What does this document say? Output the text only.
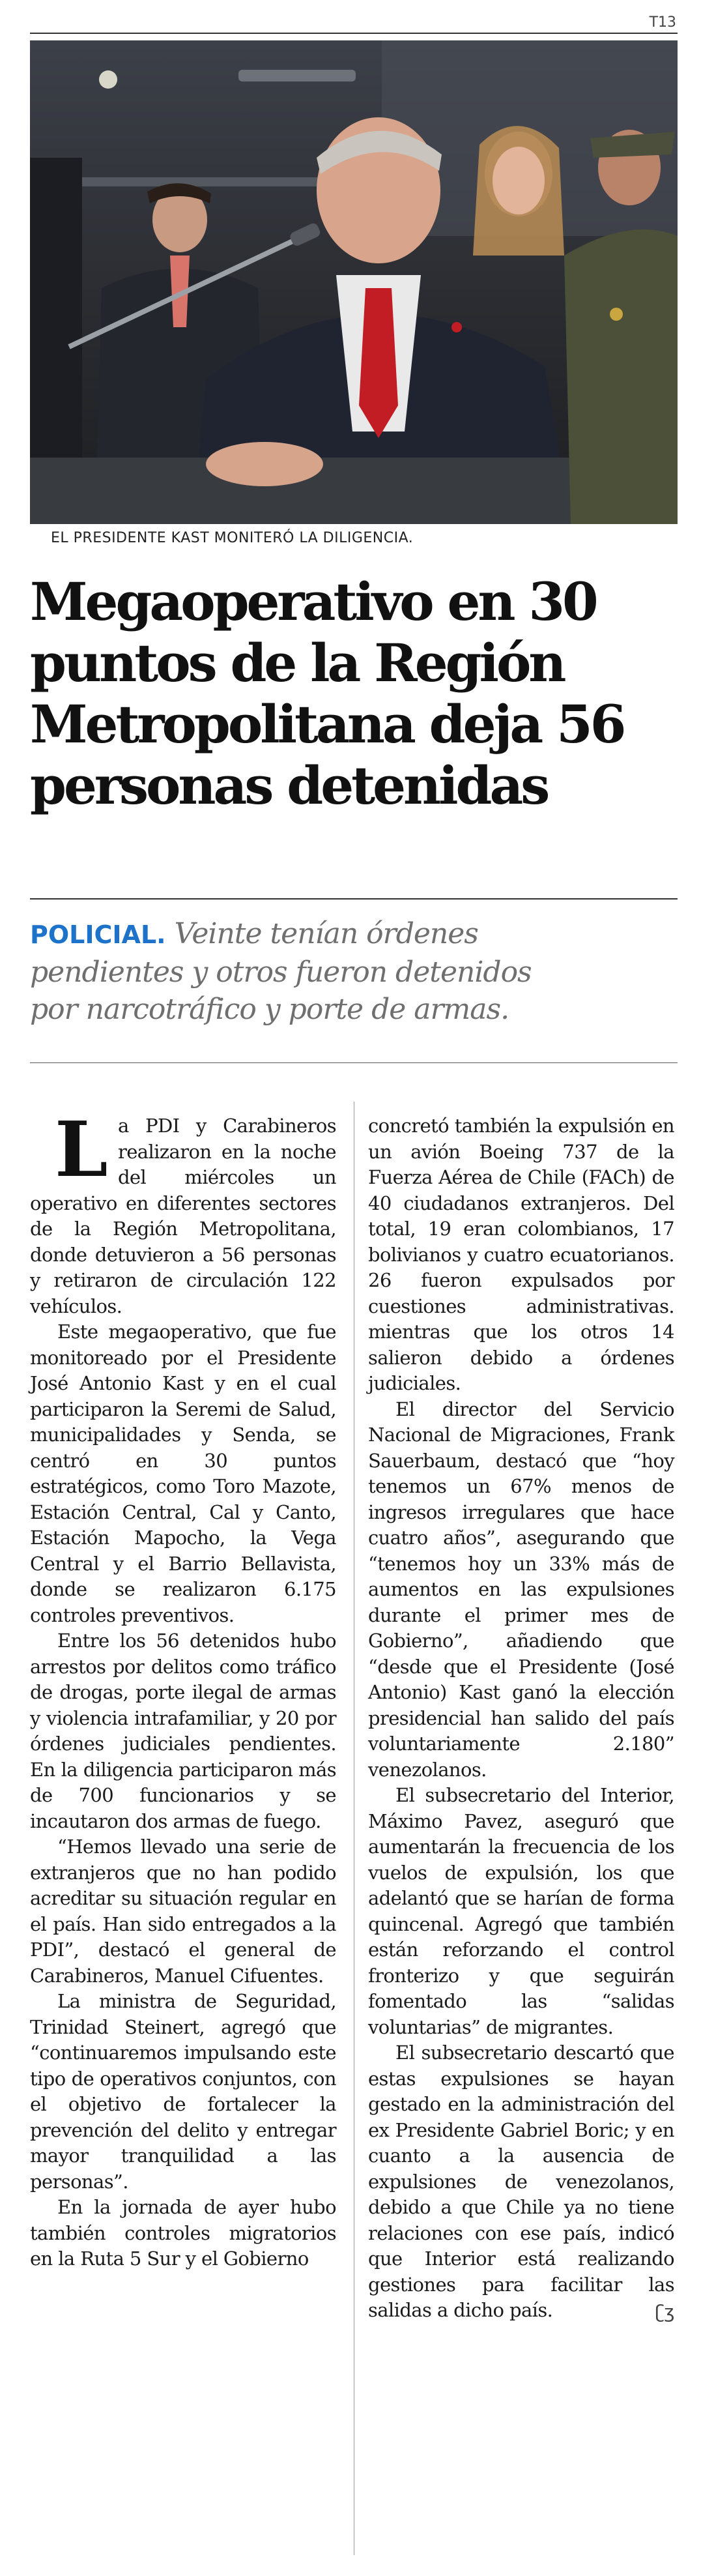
T13
EL PRESIDENTE KAST MONITERÓ LA DILIGENCIA.
Megaoperativo en 30
puntos de la Región
Metropolitana deja 56
personas detenidas
POLICIAL. Veinte tenían órdenes
pendientes y otros fueron detenidos
por narcotráfico y porte de armas.

La PDI y Carabineros realizaron en la noche del miércoles un operativo en diferentes sectores de la Región Metropolitana, donde detuvieron a 56 personas y retiraron de circulación 122 vehículos.

Este megaoperativo, que fue monitoreado por el Presidente José Antonio Kast y en el cual participaron la Seremi de Salud, municipalidades y Senda, se centró en 30 puntos estratégicos, como Toro Mazote, Estación Central, Cal y Canto, Estación Mapocho, la Vega Central y el Barrio Bellavista, donde se realizaron 6.175 controles preventivos.

Entre los 56 detenidos hubo arrestos por delitos como tráfico de drogas, porte ilegal de armas y violencia intrafamiliar, y 20 por órdenes judiciales pendientes. En la diligencia participaron más de 700 funcionarios y se incautaron dos armas de fuego.

“Hemos llevado una serie de extranjeros que no han podido acreditar su situación regular en el país. Han sido entregados a la PDI”, destacó el general de Carabineros, Manuel Cifuentes.

La ministra de Seguridad, Trinidad Steinert, agregó que “continuaremos impulsando este tipo de operativos conjuntos, con el objetivo de fortalecer la prevención del delito y entregar mayor tranquilidad a las personas”.

En la jornada de ayer hubo también controles migratorios en la Ruta 5 Sur y el Gobierno

concretó también la expulsión en un avión Boeing 737 de la Fuerza Aérea de Chile (FACh) de 40 ciudadanos extranjeros. Del total, 19 eran colombianos, 17 bolivianos y cuatro ecuatorianos. 26 fueron expulsados por cuestiones administrativas. mientras que los otros 14 salieron debido a órdenes judiciales.

El director del Servicio Nacional de Migraciones, Frank Sauerbaum, destacó que “hoy tenemos un 67% menos de ingresos irregulares que hace cuatro años”, asegurando que “tenemos hoy un 33% más de aumentos en las expulsiones durante el primer mes de Gobierno”, añadiendo que “desde que el Presidente (José Antonio) Kast ganó la elección presidencial han salido del país voluntariamente 2.180” venezolanos.

El subsecretario del Interior, Máximo Pavez, aseguró que aumentarán la frecuencia de los vuelos de expulsión, los que adelantó que se harían de forma quincenal. Agregó que también están reforzando el control fronterizo y que seguirán fomentado las “salidas voluntarias” de migrantes.

El subsecretario descartó que estas expulsiones se hayan gestado en la administración del ex Presidente Gabriel Boric; y en cuanto a la ausencia de expulsiones de venezolanos, debido a que Chile ya no tiene relaciones con ese país, indicó que Interior está realizando gestiones para facilitar las salidas a dicho país.	ʗʒ
